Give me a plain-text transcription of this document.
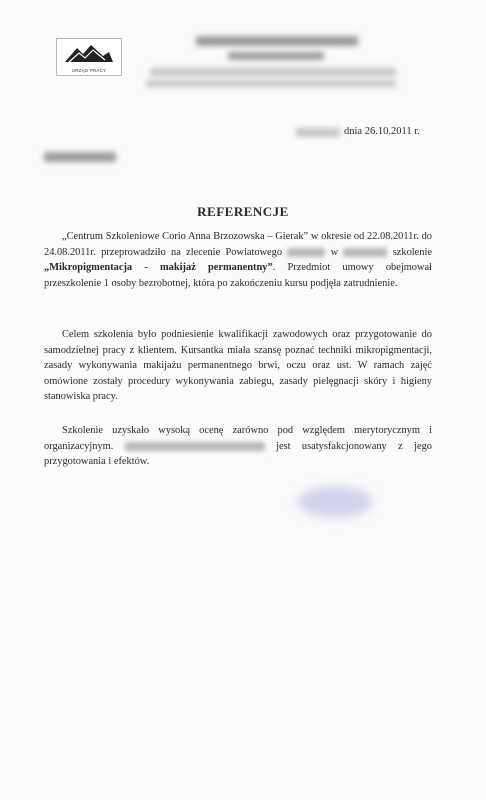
URZĄD PRACY
dnia 26.10.2011 r.
REFERENCJE
„Centrum Szkoleniowe Corio Anna Brzozowska – Gierak” w okresie od 22.08.2011r. do 24.08.2011r. przeprowadziło na zlecenie Powiatowego	w	szkolenie „Mikropigmentacja - makijaż permanentny”. Przedmiot umowy obejmował przeszkolenie 1 osoby bezrobotnej, która po zakończeniu kursu podjęła zatrudnienie.
Celem szkolenia było podniesienie kwalifikacji zawodowych oraz przygotowanie do samodzielnej pracy z klientem. Kursantka miała szansę poznać techniki mikropigmentacji, zasady wykonywania makijażu permanentnego brwi, oczu oraz ust. W ramach zajęć omówione zostały procedury wykonywania zabiegu, zasady pielęgnacji skóry i higieny stanowiska pracy.
Szkolenie uzyskało wysoką ocenę zarówno pod względem merytorycznym i organizacyjnym.	jest usatysfakcjonowany z jego przygotowania i efektów.
